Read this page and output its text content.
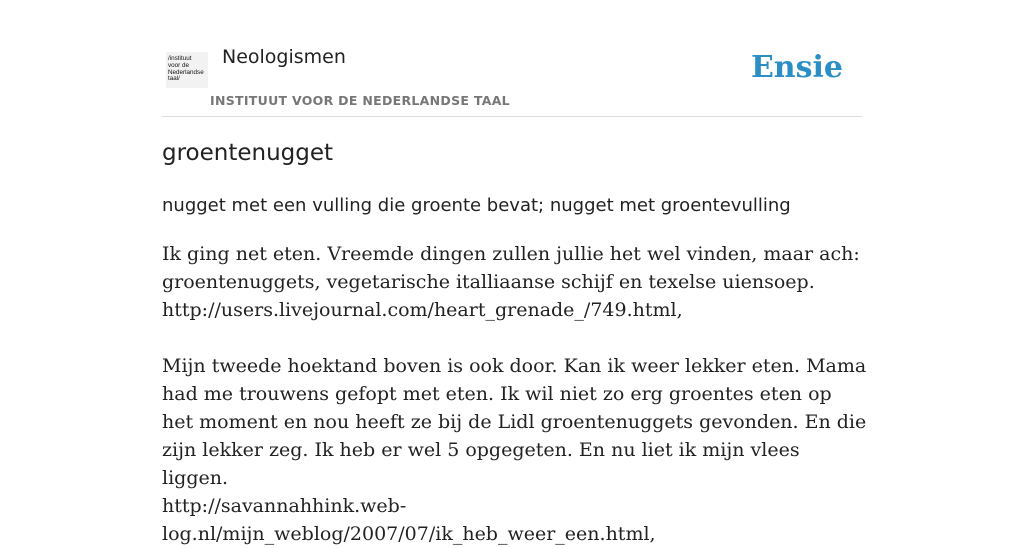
/instituut
voor de
Nederlandse
taal/
Neologismen
INSTITUUT VOOR DE NEDERLANDSE TAAL
Ensie
groentenugget

nugget met een vulling die groente bevat; nugget met groentevulling

Ik ging net eten. Vreemde dingen zullen jullie het wel vinden, maar ach: groentenuggets, vegetarische italliaanse schijf en texelse uiensoep.
http://users.livejournal.com/heart_grenade_/749.html,

Mijn tweede hoektand boven is ook door. Kan ik weer lekker eten. Mama had me trouwens gefopt met eten. Ik wil niet zo erg groentes eten op het moment en nou heeft ze bij de Lidl groentenuggets gevonden. En die zijn lekker zeg. Ik heb er wel 5 opgegeten. En nu liet ik mijn vlees liggen.
http://savannahhink.web-log.nl/mijn_weblog/2007/07/ik_heb_weer_een.html,
